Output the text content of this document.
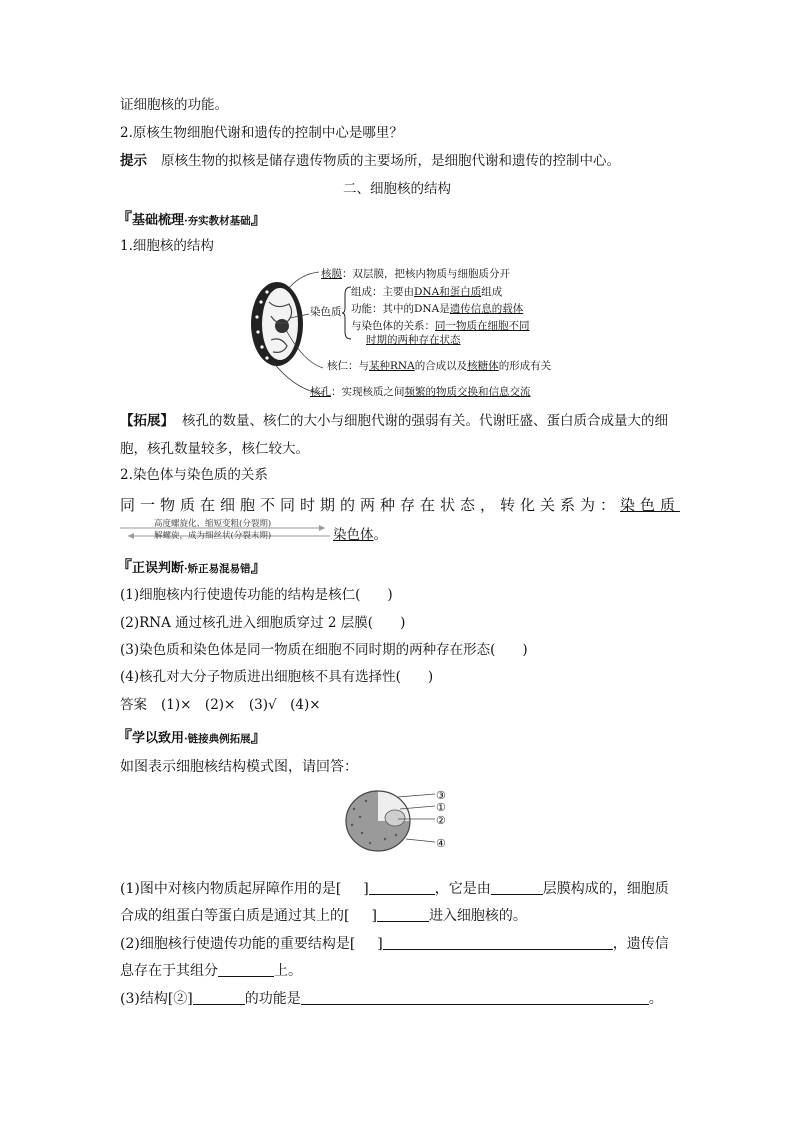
证细胞核的功能。
2.原核生物细胞代谢和遗传的控制中心是哪里？
提示 原核生物的拟核是储存遗传物质的主要场所，是细胞代谢和遗传的控制中心。
二、细胞核的结构
『基础梳理·夯实教材基础』
1.细胞核的结构
核膜：双层膜，把核内物质与细胞质分开
染色质
组成：主要由DNA和蛋白质组成
功能：其中的DNA是遗传信息的载体
与染色体的关系：同一物质在细胞不同
时期的两种存在状态
核仁：与某种RNA的合成以及核糖体的形成有关
核孔：实现核质之间频繁的物质交换和信息交流
【拓展】 核孔的数量、核仁的大小与细胞代谢的强弱有关。代谢旺盛、蛋白质合成量大的细
胞，核孔数量较多，核仁较大。
2.染色体与染色质的关系
同一物质在细胞不同时期的两种存在状态，转化关系为：染色质
高度螺旋化、缩短变粗(分裂期)
解螺旋，成为细丝状(分裂末期)	染色体。
『正误判断·矫正易混易错』
(1)细胞核内行使遗传功能的结构是核仁(　　)
(2)RNA 通过核孔进入细胞质穿过 2 层膜(　　)
(3)染色质和染色体是同一物质在细胞不同时期的两种存在形态(　　)
(4)核孔对大分子物质进出细胞核不具有选择性(　　)
答案 (1)×　(2)×　(3)√　(4)×
『学以致用·链接典例拓展』
如图表示细胞核结构模式图，请回答：
③
①
②
④
(1)图中对核内物质起屏障作用的是[ ]	，它是由	层膜构成的，细胞质
合成的组蛋白等蛋白质是通过其上的[ ]	进入细胞核的。
(2)细胞核行使遗传功能的重要结构是[ ]	，遗传信
息存在于其组分	上。
(3)结构[②]	的功能是	。
